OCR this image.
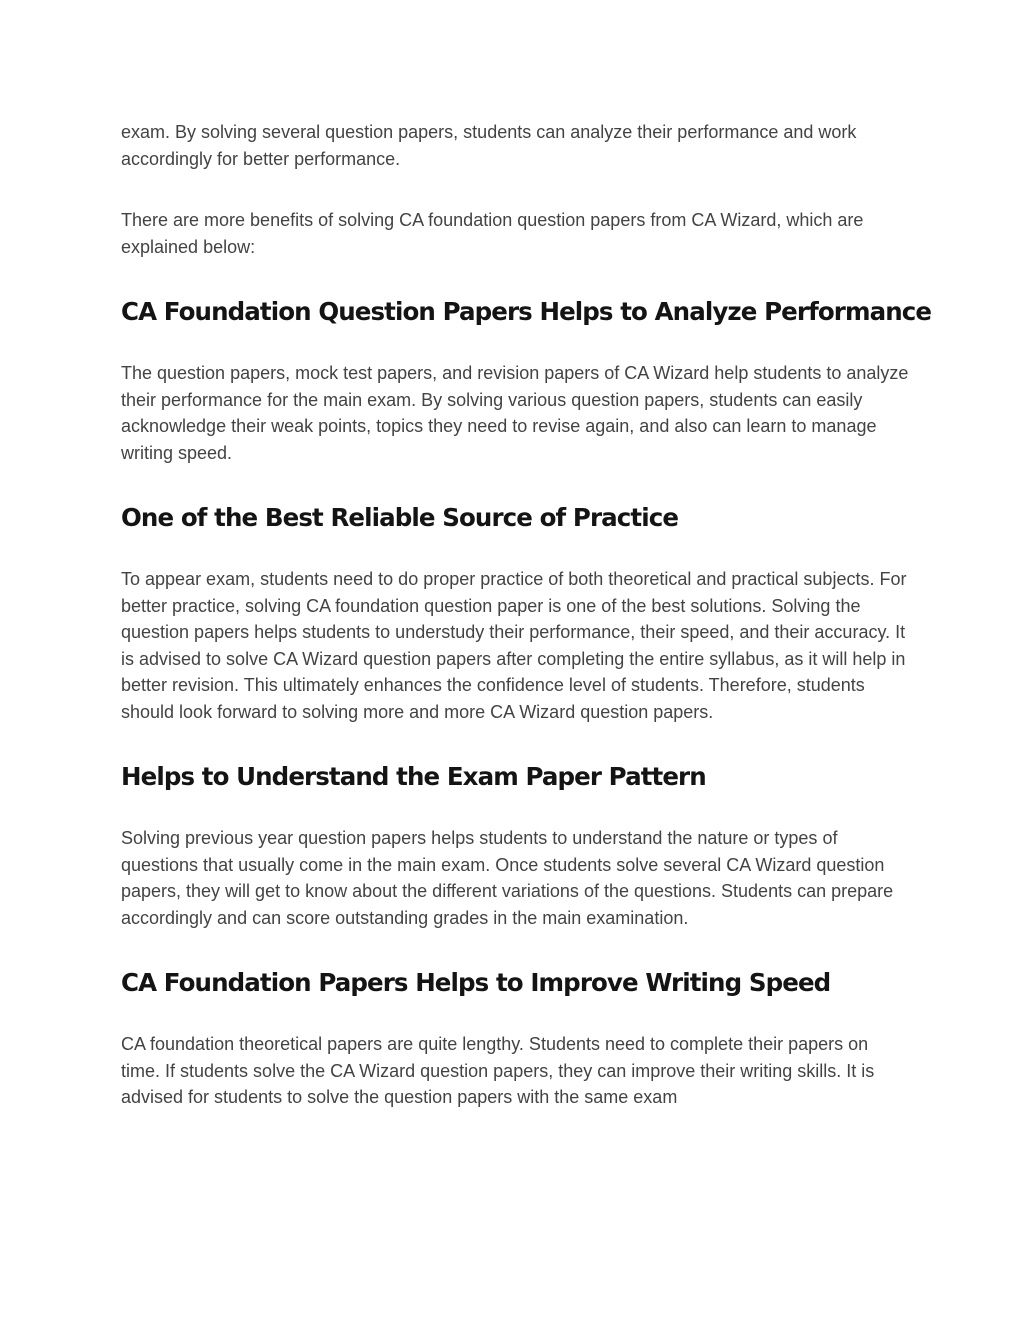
exam. By solving several question papers, students can analyze their performance and work accordingly for better performance.

There are more benefits of solving CA foundation question papers from CA Wizard, which are explained below:

CA Foundation Question Papers Helps to Analyze Performance

The question papers, mock test papers, and revision papers of CA Wizard help students to analyze their performance for the main exam. By solving various question papers, students can easily acknowledge their weak points, topics they need to revise again, and also can learn to manage writing speed.

One of the Best Reliable Source of Practice

To appear exam, students need to do proper practice of both theoretical and practical subjects. For better practice, solving CA foundation question paper is one of the best solutions. Solving the question papers helps students to understudy their performance, their speed, and their accuracy. It is advised to solve CA Wizard question papers after completing the entire syllabus, as it will help in better revision. This ultimately enhances the confidence level of students. Therefore, students should look forward to solving more and more CA Wizard question papers.

Helps to Understand the Exam Paper Pattern

Solving previous year question papers helps students to understand the nature or types of questions that usually come in the main exam. Once students solve several CA Wizard question papers, they will get to know about the different variations of the questions. Students can prepare accordingly and can score outstanding grades in the main examination.

CA Foundation Papers Helps to Improve Writing Speed

CA foundation theoretical papers are quite lengthy. Students need to complete their papers on time. If students solve the CA Wizard question papers, they can improve their writing skills. It is advised for students to solve the question papers with the same exam
